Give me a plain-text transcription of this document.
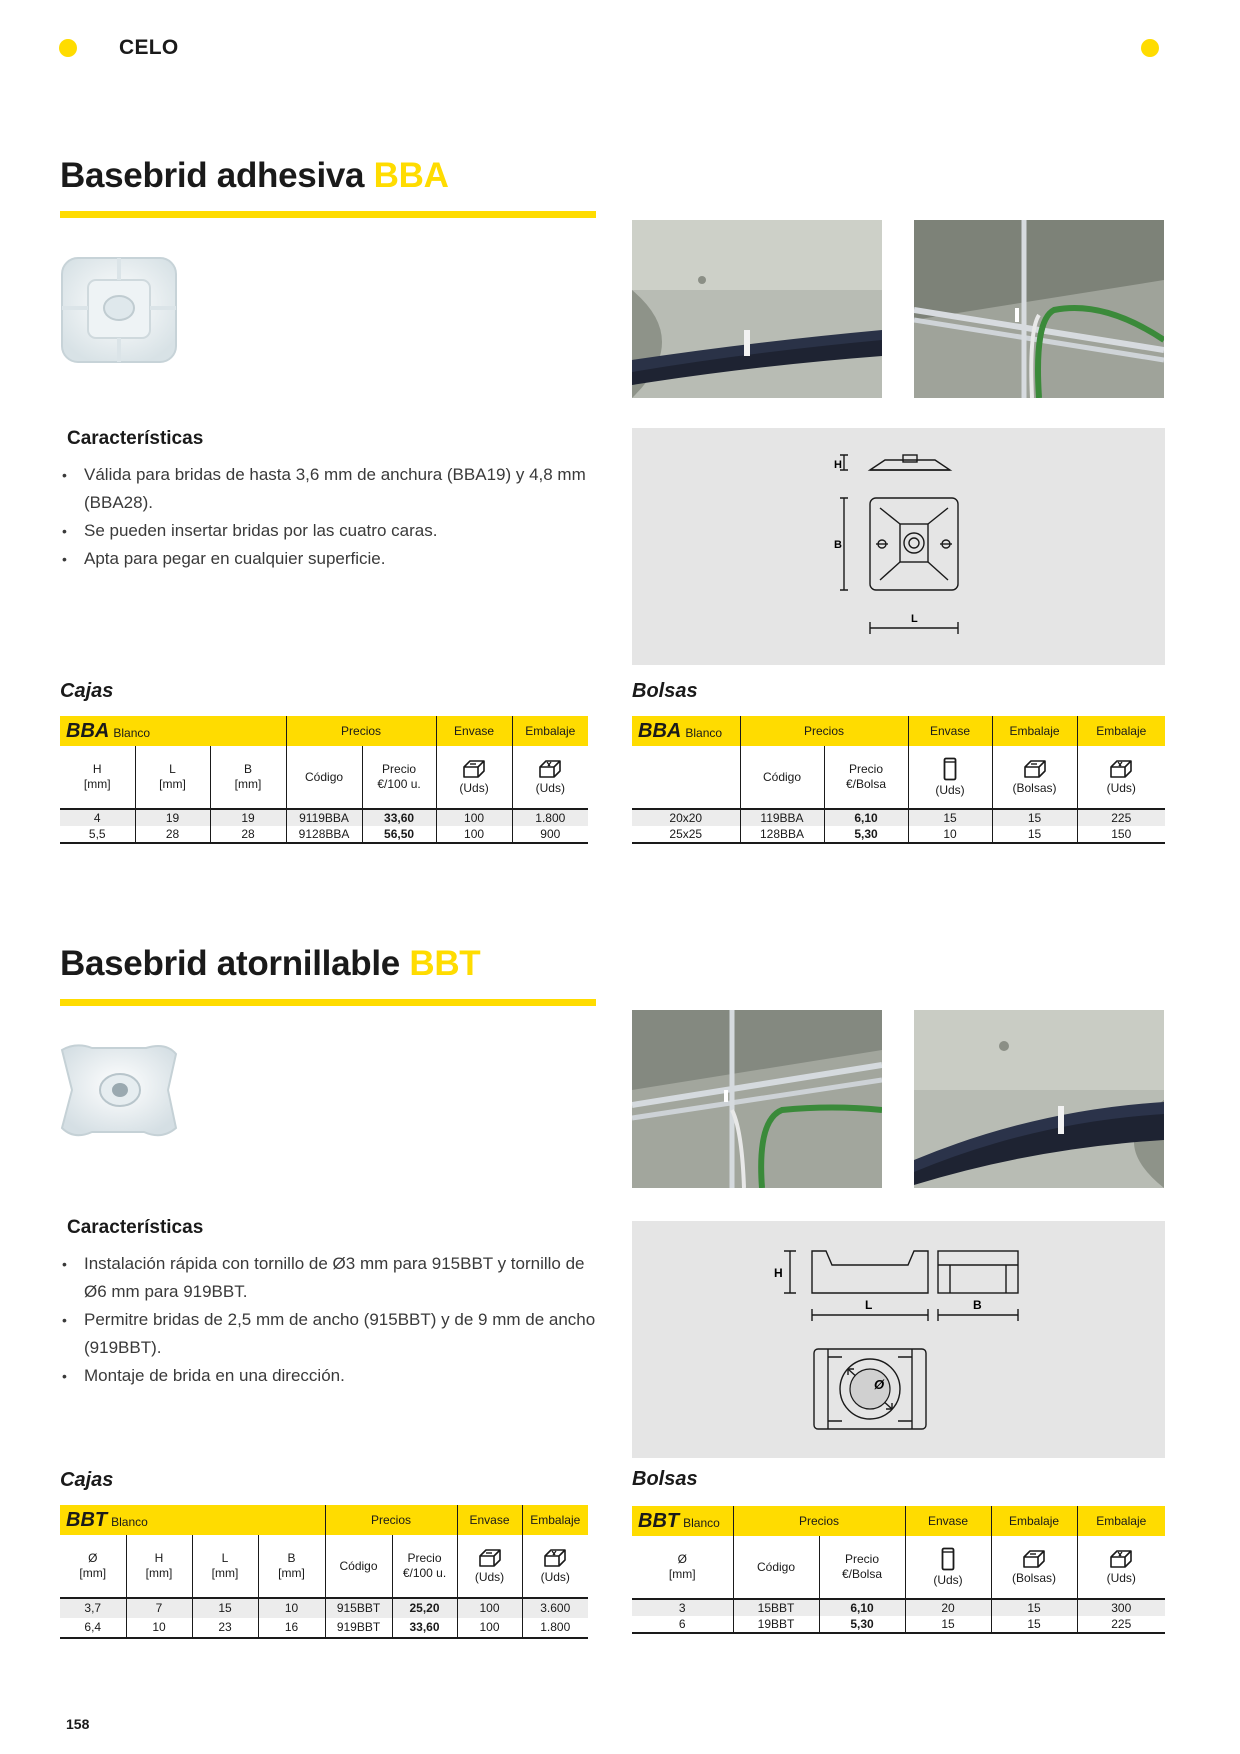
CELO
Basebrid adhesiva BBA
H
B
L
Características
• Válida para bridas de hasta 3,6 mm de anchura (BBA19) y 4,8 mm (BBA28).
• Se pueden insertar bridas por las cuatro caras.
• Apta para pegar en cualquier superficie.
Cajas
BBA Blanco			Precios		Envase	Embalaje
H
[mm]	L
[mm]	B
[mm]	Código	Precio
€/100 u.	(Uds)	(Uds)
4	19	19	9119BBA	33,60	100	1.800
5,5	28	28	9128BBA	56,50	100	900
Bolsas
BBA Blanco	Precios		Envase	Embalaje	Embalaje
	Código	Precio
€/Bolsa	(Uds)	(Bolsas)	(Uds)
20x20	119BBA	6,10	15	15	225
25x25	128BBA	5,30	10	15	150
Basebrid atornillable BBT
H
L	B
Ø
Características
• Instalación rápida con tornillo de Ø3 mm para 915BBT y tornillo de Ø6 mm para 919BBT.
• Permitre bridas de 2,5 mm de ancho (915BBT) y de 9 mm de ancho (919BBT).
• Montaje de brida en una dirección.
Cajas
BBT Blanco				Precios		Envase	Embalaje
Ø
[mm]	H
[mm]	L
[mm]	B
[mm]	Código	Precio
€/100 u.	(Uds)	(Uds)
3,7	7	15	10	915BBT	25,20	100	3.600
6,4	10	23	16	919BBT	33,60	100	1.800
Bolsas
BBT Blanco	Precios		Envase	Embalaje	Embalaje
Ø
[mm]	Código	Precio
€/Bolsa	(Uds)	(Bolsas)	(Uds)
3	15BBT	6,10	20	15	300
6	19BBT	5,30	15	15	225
158
